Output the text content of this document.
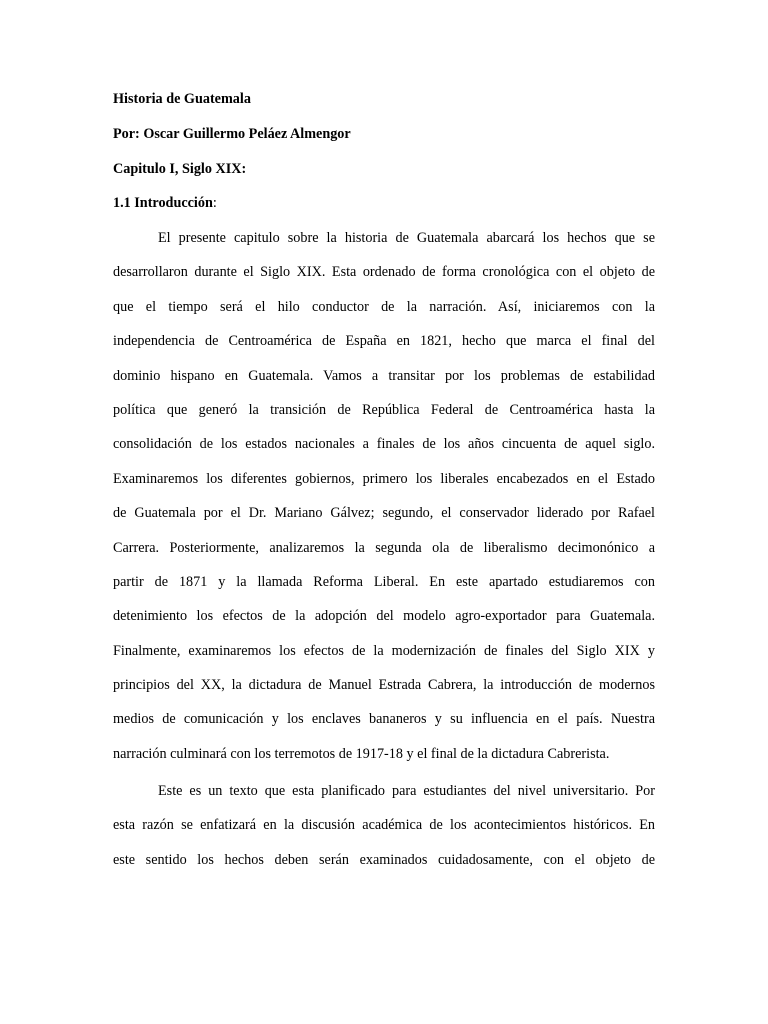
Historia de Guatemala

Por: Oscar Guillermo Peláez Almengor

Capitulo I, Siglo XIX:

1.1 Introducción:

El presente capitulo sobre la historia de Guatemala abarcará los hechos que se
desarrollaron durante el Siglo XIX. Esta ordenado de forma cronológica con el objeto de
que el tiempo será el hilo conductor de la narración. Así, iniciaremos con la
independencia de Centroamérica de España en 1821, hecho que marca el final del
dominio hispano en Guatemala. Vamos a transitar por los problemas de estabilidad
política que generó la transición de República Federal de Centroamérica hasta la
consolidación de los estados nacionales a finales de los años cincuenta de aquel siglo.
Examinaremos los diferentes gobiernos, primero los liberales encabezados en el Estado
de Guatemala por el Dr. Mariano Gálvez; segundo, el conservador liderado por Rafael
Carrera. Posteriormente, analizaremos la segunda ola de liberalismo decimonónico a
partir de 1871 y la llamada Reforma Liberal. En este apartado estudiaremos con
detenimiento los efectos de la adopción del modelo agro-exportador para Guatemala.
Finalmente, examinaremos los efectos de la modernización de finales del Siglo XIX y
principios del XX, la dictadura de Manuel Estrada Cabrera, la introducción de modernos
medios de comunicación y los enclaves bananeros y su influencia en el país. Nuestra
narración culminará con los terremotos de 1917-18 y el final de la dictadura Cabrerista.
Este es un texto que esta planificado para estudiantes del nivel universitario. Por
esta razón se enfatizará en la discusión académica de los acontecimientos históricos. En
este sentido los hechos deben serán examinados cuidadosamente, con el objeto de
